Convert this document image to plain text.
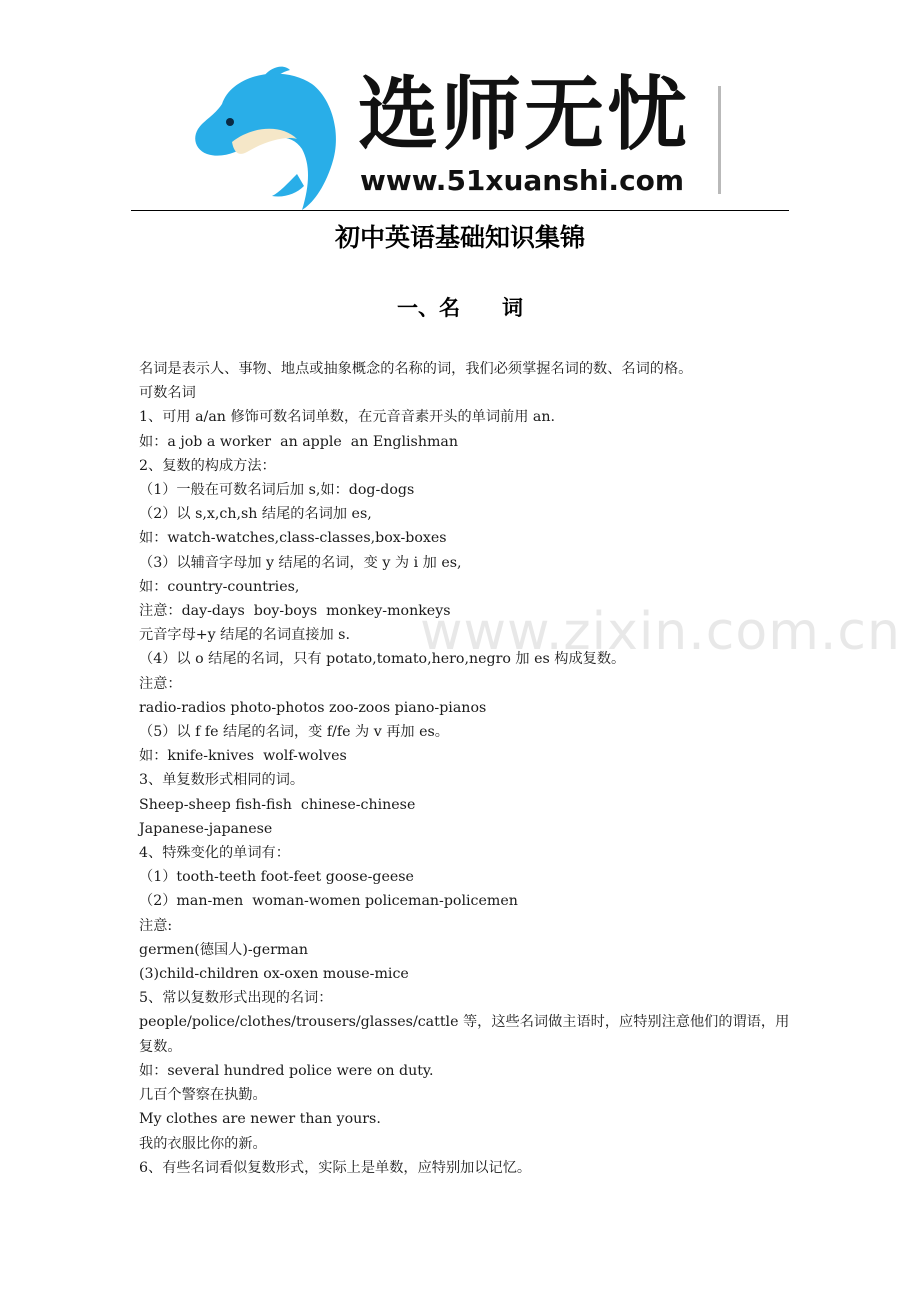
选师无忧
www.51xuanshi.com
初中英语基础知识集锦
一、名　　词
www.zixin.com.cn
名词是表示人、事物、地点或抽象概念的名称的词，我们必须掌握名词的数、名词的格。
可数名词
1、可用 a/an 修饰可数名词单数，在元音音素开头的单词前用 an.
如：a job a worker  an apple  an Englishman
2、复数的构成方法：
（1）一般在可数名词后加 s,如：dog-dogs
（2）以 s,x,ch,sh 结尾的名词加 es,
如：watch-watches,class-classes,box-boxes
（3）以辅音字母加 y 结尾的名词，变 y 为 i 加 es,
如：country-countries,
注意：day-days  boy-boys  monkey-monkeys
元音字母+y 结尾的名词直接加 s.
（4）以 o 结尾的名词，只有 potato,tomato,hero,negro 加 es 构成复数。
注意：
radio-radios photo-photos zoo-zoos piano-pianos
（5）以 f fe 结尾的名词，变 f/fe 为 v 再加 es。
如：knife-knives  wolf-wolves
3、单复数形式相同的词。
Sheep-sheep fish-fish  chinese-chinese
Japanese-japanese
4、特殊变化的单词有：
（1）tooth-teeth foot-feet goose-geese
（2）man-men  woman-women policeman-policemen
注意:
germen(德国人)-german
(3)child-children ox-oxen mouse-mice
5、常以复数形式出现的名词：
people/police/clothes/trousers/glasses/cattle 等，这些名词做主语时，应特别注意他们的谓语，用复数。
如：several hundred police were on duty.
几百个警察在执勤。
My clothes are newer than yours.
我的衣服比你的新。
6、有些名词看似复数形式，实际上是单数，应特别加以记忆。
